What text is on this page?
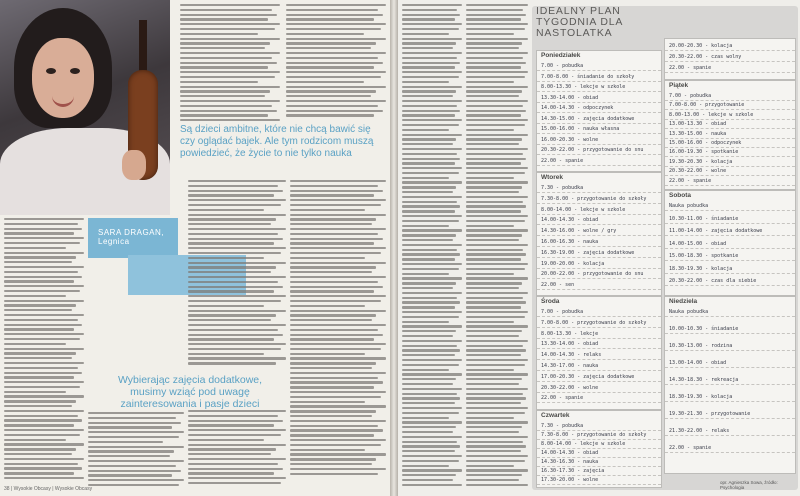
Są dzieci ambitne, które nie chcą bawić się czy oglądać bajek. Ale tym rodzicom muszą powiedzieć, że życie to nie tylko nauka
SARA DRAGAN, Legnica
Wybierając zajęcia dodatkowe, musimy wziąć pod uwagę zainteresowania i pasje dzieci
38 | Wysokie Obcasy | Wysokie Obcasy
IDEALNY PLAN TYGODNIA DLA NASTOLATKA
Poniedziałek
7.00 - pobudka
7.00-8.00 - śniadanie do szkoły
8.00-13.30 - lekcje w szkole
13.30-14.00 - obiad
14.00-14.30 - odpoczynek
14.30-15.00 - zajęcia dodatkowe
15.00-16.00 - nauka własna
16.00-20.30 - wolne
20.30-22.00 - przygotowanie do snu
22.00 - spanie
Wtorek
7.30 - pobudka
7.30-8.00 - przygotowanie do szkoły
8.00-14.00 - lekcje w szkole
14.00-14.30 - obiad
14.30-16.00 - wolne / gry
16.00-16.30 - nauka
16.30-19.00 - zajęcia dodatkowe
19.00-20.00 - kolacja
20.00-22.00 - przygotowanie do snu
22.00 - sen
Środa
7.00 - pobudka
7.00-8.00 - przygotowanie do szkoły
8.00-13.30 - lekcje
13.30-14.00 - obiad
14.00-14.30 - relaks
14.30-17.00 - nauka
17.00-20.30 - zajęcia dodatkowe
20.30-22.00 - wolne
22.00 - spanie
Czwartek
7.30 - pobudka
7.30-8.00 - przygotowanie do szkoły
8.00-14.00 - lekcje w szkole
14.00-14.30 - obiad
14.30-16.30 - nauka
16.30-17.30 - zajęcia
17.30-20.00 - wolne
20.00-20.30 - kolacja
20.30-22.00 - czas wolny
22.00 - spanie
Piątek
7.00 - pobudka
7.00-8.00 - przygotowanie
8.00-13.00 - lekcje w szkole
13.00-13.30 - obiad
13.30-15.00 - nauka
15.00-16.00 - odpoczynek
16.00-19.30 - spotkanie
19.30-20.30 - kolacja
20.30-22.00 - wolne
22.00 - spanie
Sobota
Nauka pobudka
10.30-11.00 - śniadanie
11.00-14.00 - zajęcia dodatkowe
14.00-15.00 - obiad
15.00-18.30 - spotkanie
18.30-19.30 - kolacja
20.30-22.00 - czas dla siebie
Niedziela
Nauka pobudka
10.00-10.30 - śniadanie
10.30-13.00 - rodzina
13.00-14.00 - obiad
14.30-18.30 - rekreacja
18.30-19.30 - kolacja
19.30-21.30 - przygotowanie
21.30-22.00 - relaks
22.00 - spanie
opr. Agnieszka Sowa, źródło: Psychologia
